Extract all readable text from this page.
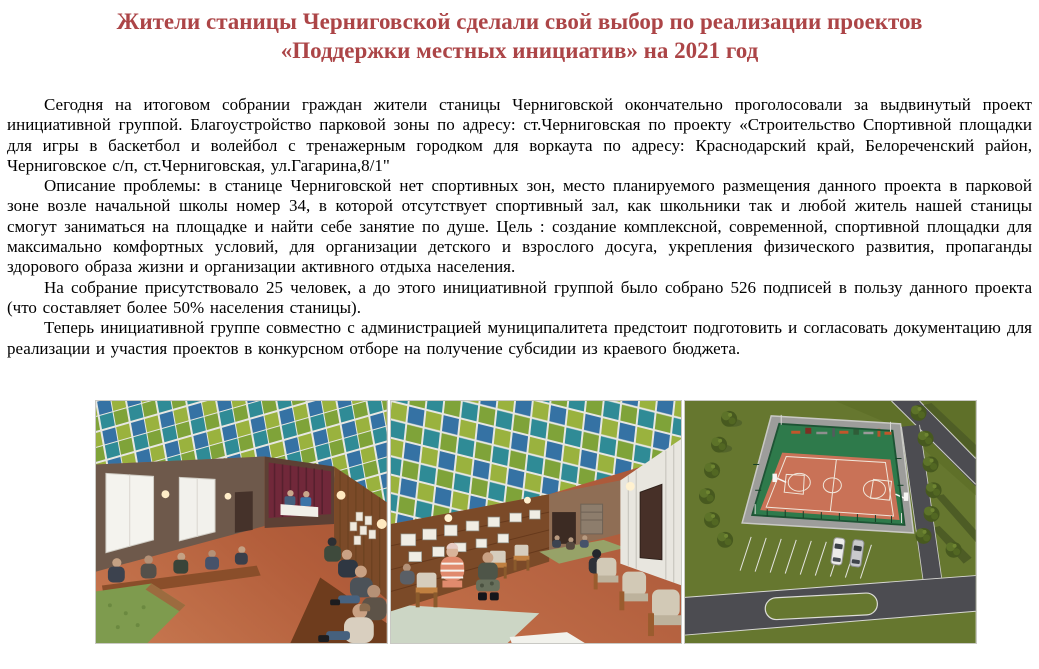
Жители станицы Черниговской сделали свой выбор по реализации проектов «Поддержки местных инициатив» на 2021 год

Сегодня на итоговом собрании граждан жители станицы Черниговской окончательно проголосовали за выдвинутый проект инициативной группой. Благоустройство парковой зоны по адресу: ст.Черниговская по проекту «Строительство Спортивной площадки для игры в баскетбол и волейбол с тренажерным городком для воркаута по адресу: Краснодарский край, Белореченский район, Черниговское с/п, ст.Черниговская, ул.Гагарина,8/1"

Описание проблемы: в станице Черниговской нет спортивных зон, место планируемого размещения данного проекта в парковой зоне возле начальной школы номер 34, в которой отсутствует спортивный зал, как школьники так и любой житель нашей станицы смогут заниматься на площадке и найти себе занятие по душе. Цель : создание комплексной, современной, спортивной площадки для максимально комфортных условий, для организации детского и взрослого досуга, укрепления физического развития, пропаганды здорового образа жизни и организации активного отдыха населения.

На собрание присутствовало 25 человек, а до этого инициативной группой было собрано 526 подписей в пользу данного проекта (что составляет более 50% населения станицы).

Теперь инициативной группе совместно с администрацией муниципалитета предстоит подготовить и согласовать документацию для реализации и участия проектов в конкурсном отборе на получение субсидии из краевого бюджета.
